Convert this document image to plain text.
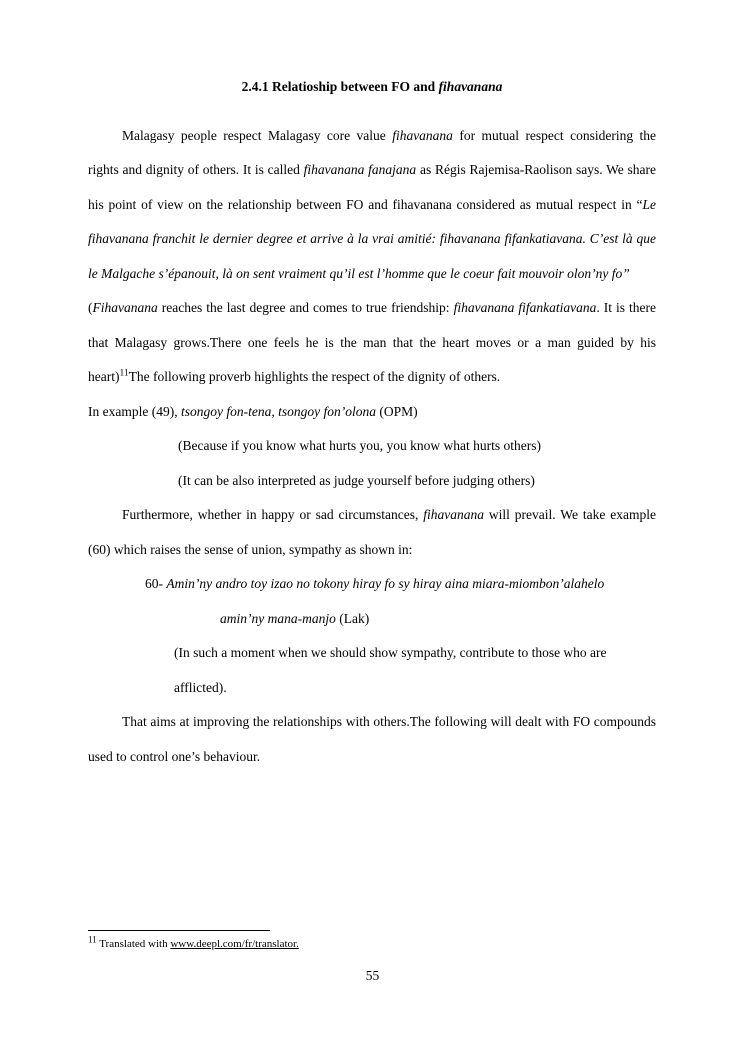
2.4.1 Relatioship between FO and fihavanana

Malagasy people respect Malagasy core value fihavanana for mutual respect considering the rights and dignity of others. It is called fihavanana fanajana as Régis Rajemisa-Raolison says. We share his point of view on the relationship between FO and fihavanana considered as mutual respect in “Le fihavanana franchit le dernier degree et arrive à la vrai amitié: fihavanana fifankatiavana. C’est là que le Malgache s’épanouit, là on sent vraiment qu’il est l’homme que le coeur fait mouvoir olon’ny fo”

(Fihavanana reaches the last degree and comes to true friendship: fihavanana fifankatiavana. It is there that Malagasy grows.There one feels he is the man that the heart moves or a man guided by his heart)$^{11}$The following proverb highlights the respect of the dignity of others.

In example (49), tsongoy fon-tena, tsongoy fon’olona (OPM)

(Because if you know what hurts you, you know what hurts others)
(It can be also interpreted as judge yourself before judging others)

Furthermore, whether in happy or sad circumstances, fihavanana will prevail. We take example (60) which raises the sense of union, sympathy as shown in:

60- Amin’ny andro toy izao no tokony hiray fo sy hiray aina miara-miombon’alahelo
amin’ny mana-manjo (Lak)
(In such a moment when we should show sympathy, contribute to those who are
afflicted).

That aims at improving the relationships with others.The following will dealt with FO compounds used to control one’s behaviour.

$^{11}$ Translated with www.deepl.com/fr/translator.

55
